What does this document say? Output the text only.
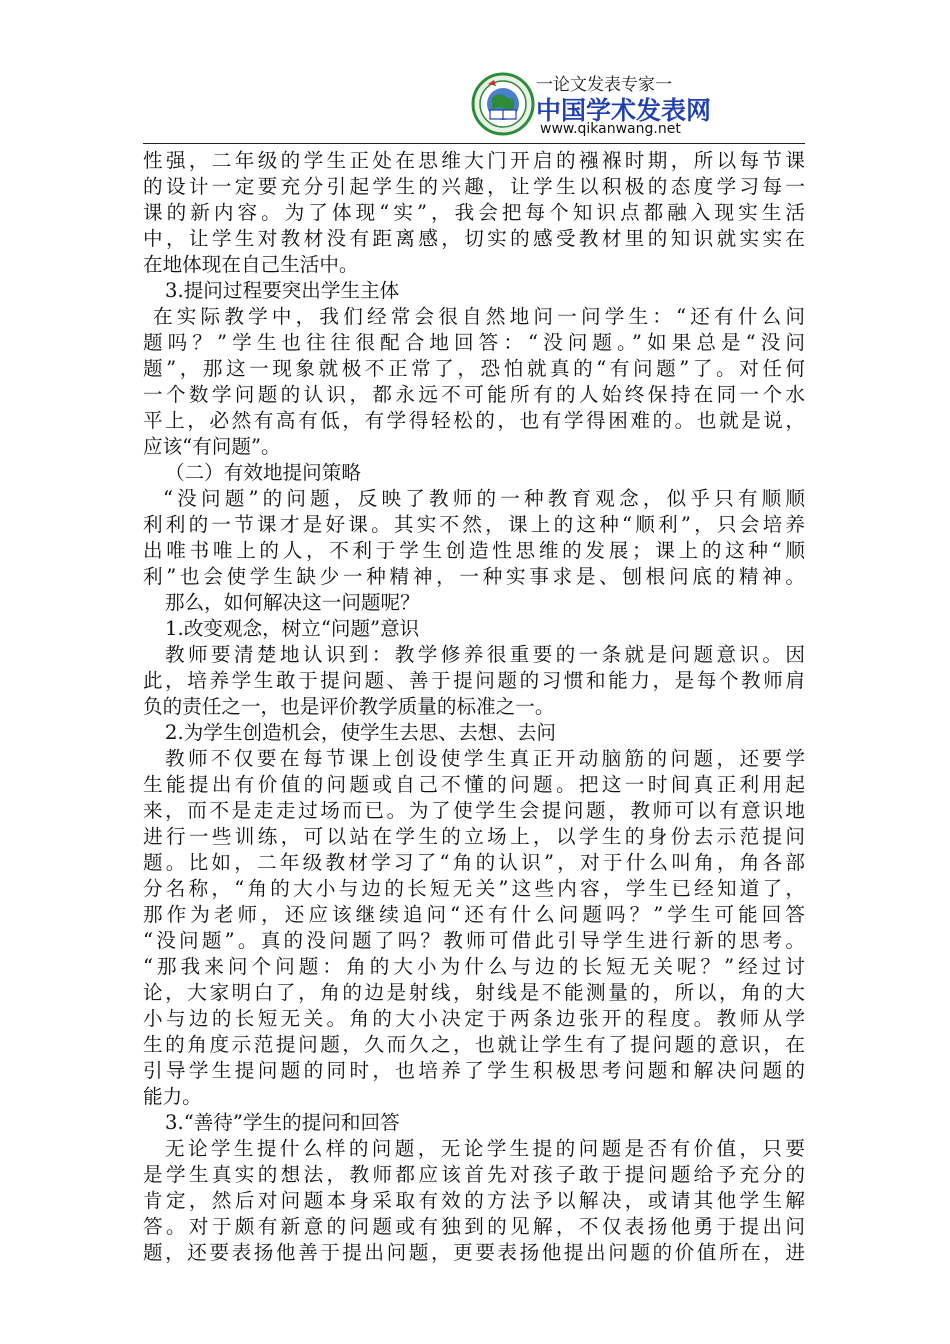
一论文发表专家一
中国学术发表网
www.qikanwang.net
性强，二年级的学生正处在思维大门开启的襁褓时期，所以每节课
的设计一定要充分引起学生的兴趣，让学生以积极的态度学习每一
课的新内容。为了体现“实”，我会把每个知识点都融入现实生活
中，让学生对教材没有距离感，切实的感受教材里的知识就实实在
在地体现在自己生活中。
3.提问过程要突出学生主体
在实际教学中，我们经常会很自然地问一问学生：“还有什么问
题吗？”学生也往往很配合地回答：“没问题。”如果总是“没问
题”，那这一现象就极不正常了，恐怕就真的“有问题”了。对任何
一个数学问题的认识，都永远不可能所有的人始终保持在同一个水
平上，必然有高有低，有学得轻松的，也有学得困难的。也就是说，
应该“有问题”。
（二）有效地提问策略
“没问题”的问题，反映了教师的一种教育观念，似乎只有顺顺
利利的一节课才是好课。其实不然，课上的这种“顺利”，只会培养
出唯书唯上的人，不利于学生创造性思维的发展；课上的这种“顺
利”也会使学生缺少一种精神，一种实事求是、刨根问底的精神。
那么，如何解决这一问题呢？
1.改变观念，树立“问题”意识
教师要清楚地认识到：教学修养很重要的一条就是问题意识。因
此，培养学生敢于提问题、善于提问题的习惯和能力，是每个教师肩
负的责任之一，也是评价教学质量的标准之一。
2.为学生创造机会，使学生去思、去想、去问
教师不仅要在每节课上创设使学生真正开动脑筋的问题，还要学
生能提出有价值的问题或自己不懂的问题。把这一时间真正利用起
来，而不是走走过场而已。为了使学生会提问题，教师可以有意识地
进行一些训练，可以站在学生的立场上，以学生的身份去示范提问
题。比如，二年级教材学习了“角的认识”，对于什么叫角，角各部
分名称，“角的大小与边的长短无关”这些内容，学生已经知道了，
那作为老师，还应该继续追问“还有什么问题吗？”学生可能回答
“没问题”。真的没问题了吗？教师可借此引导学生进行新的思考。
“那我来问个问题：角的大小为什么与边的长短无关呢？”经过讨
论，大家明白了，角的边是射线，射线是不能测量的，所以，角的大
小与边的长短无关。角的大小决定于两条边张开的程度。教师从学
生的角度示范提问题，久而久之，也就让学生有了提问题的意识，在
引导学生提问题的同时，也培养了学生积极思考问题和解决问题的
能力。
3.“善待”学生的提问和回答
无论学生提什么样的问题，无论学生提的问题是否有价值，只要
是学生真实的想法，教师都应该首先对孩子敢于提问题给予充分的
肯定，然后对问题本身采取有效的方法予以解决，或请其他学生解
答。对于颇有新意的问题或有独到的见解，不仅表扬他勇于提出问
题，还要表扬他善于提出问题，更要表扬他提出问题的价值所在，进
